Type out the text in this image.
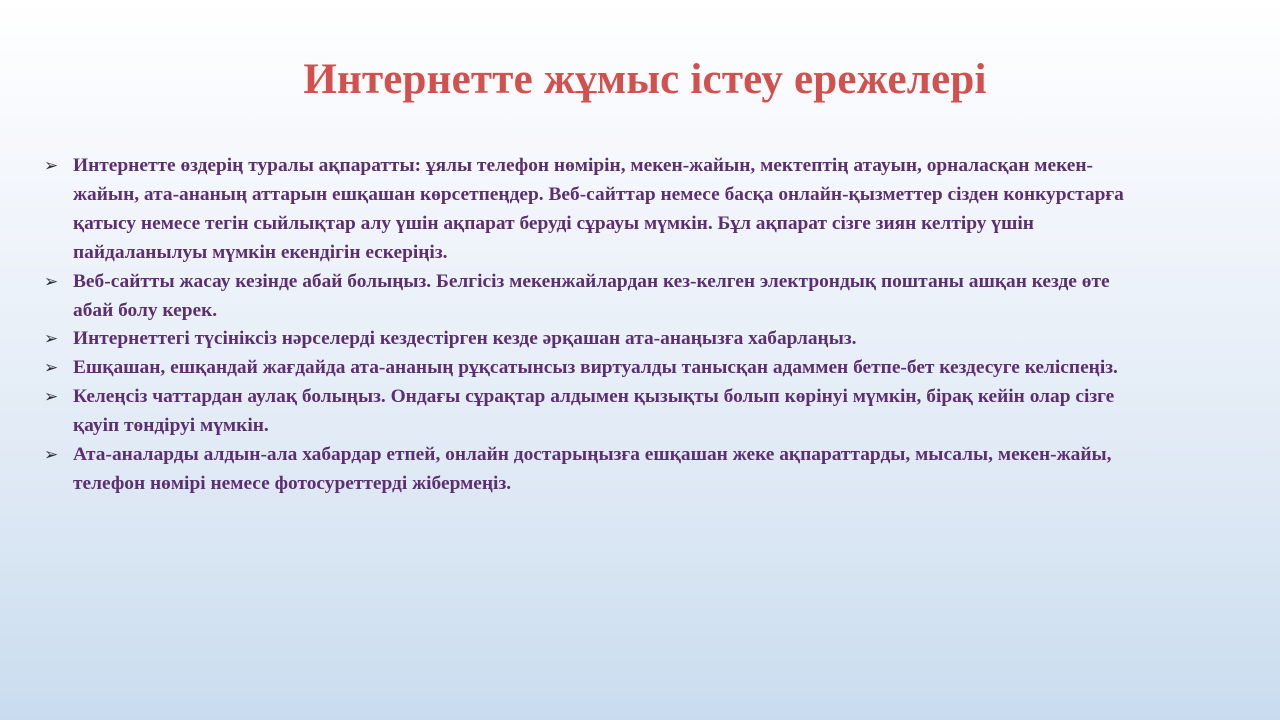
Интернетте жұмыс істеу ережелері
➢ Интернетте өздерің туралы ақпаратты: ұялы телефон нөмірін, мекен-жайын, мектептің атауын, орналасқан мекен-жайын, ата-ананың аттарын ешқашан көрсетпеңдер. Веб-сайттар немесе басқа онлайн-қызметтер сізден конкурстарға қатысу немесе тегін сыйлықтар алу үшін ақпарат беруді сұрауы мүмкін. Бұл ақпарат сізге зиян келтіру үшін пайдаланылуы мүмкін екендігін ескеріңіз.
➢ Веб-сайтты жасау кезінде абай болыңыз. Белгісіз мекенжайлардан кез-келген электрондық поштаны ашқан кезде өте абай болу керек.
➢ Интернеттегі түсініксіз нәрселерді кездестірген кезде әрқашан ата-анаңызға хабарлаңыз.
➢ Ешқашан, ешқандай жағдайда ата-ананың рұқсатынсыз виртуалды танысқан адаммен бетпе-бет кездесуге келіспеңіз.
➢ Келеңсіз чаттардан аулақ болыңыз. Ондағы сұрақтар алдымен қызықты болып көрінуі мүмкін, бірақ кейін олар сізге қауіп төндіруі мүмкін.
➢ Ата-аналарды алдын-ала хабардар етпей, онлайн достарыңызға ешқашан жеке ақпараттарды, мысалы, мекен-жайы, телефон нөмірі немесе фотосуреттерді жібермеңіз.
